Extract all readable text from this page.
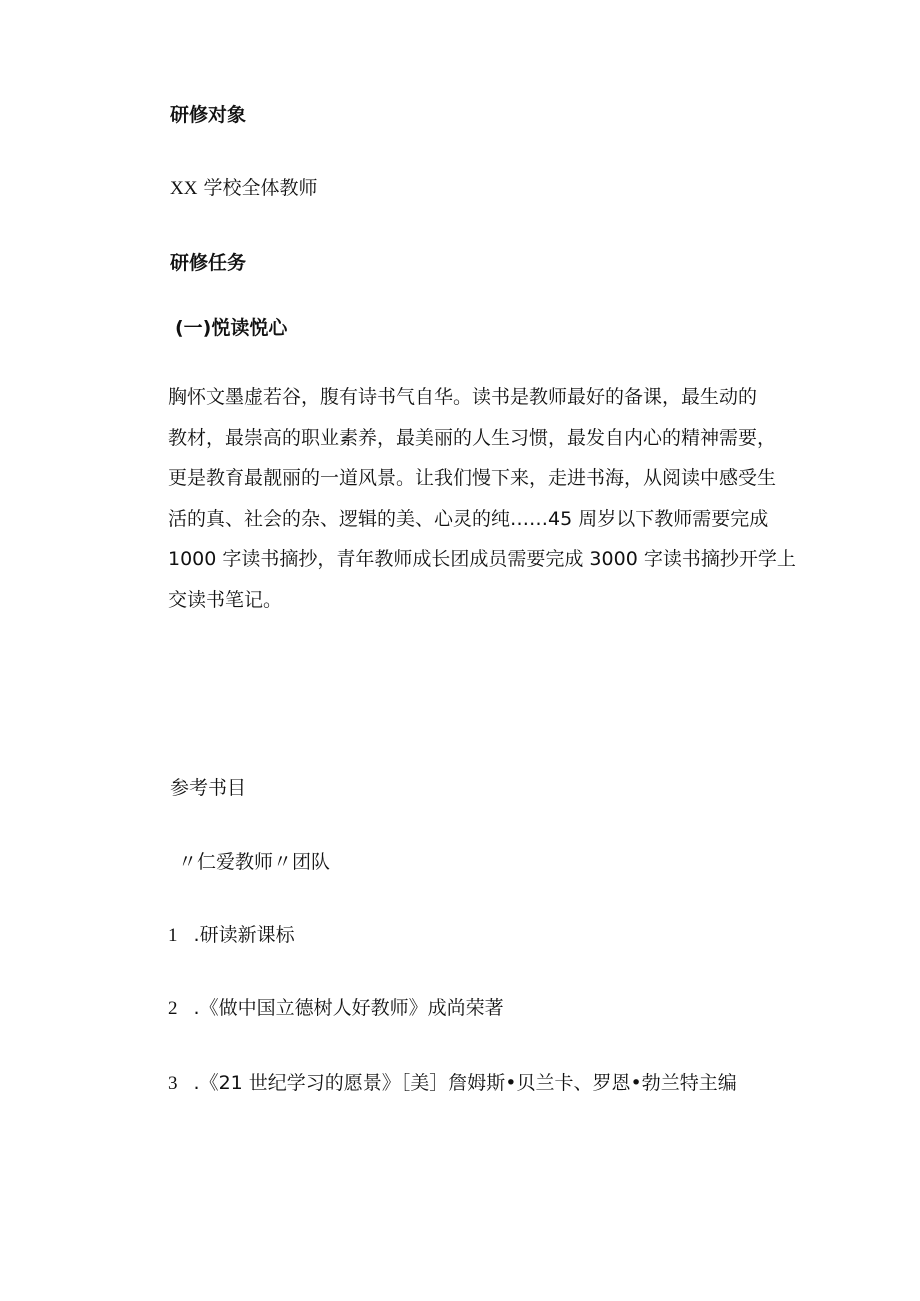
研修对象
XX 学校全体教师
研修任务
(一)悦读悦心
胸怀文墨虚若谷，腹有诗书气自华。读书是教师最好的备课，最生动的
教材，最崇高的职业素养，最美丽的人生习惯，最发自内心的精神需要，
更是教育最靓丽的一道风景。让我们慢下来，走进书海，从阅读中感受生
活的真、社会的杂、逻辑的美、心灵的纯……45 周岁以下教师需要完成
1000 字读书摘抄，青年教师成长团成员需要完成 3000 字读书摘抄开学上
交读书笔记。
参考书目
〃仁爱教师〃团队
1 .研读新课标
2 .《做中国立德树人好教师》成尚荣著
3 .《21 世纪学习的愿景》［美］詹姆斯•贝兰卡、罗恩•勃兰特主编
